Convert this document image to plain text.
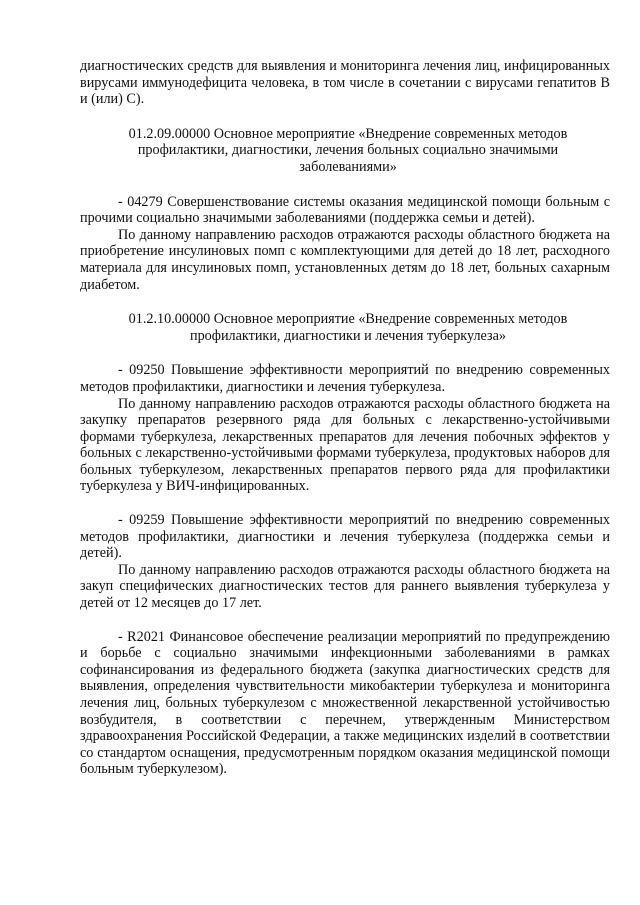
диагностических средств для выявления и мониторинга лечения лиц, инфицированных вирусами иммунодефицита человека, в том числе в сочетании с вирусами гепатитов В и (или) С).

01.2.09.00000 Основное мероприятие «Внедрение современных методов профилактики, диагностики, лечения больных социально значимыми заболеваниями»

- 04279 Совершенствование системы оказания медицинской помощи больным с прочими социально значимыми заболеваниями (поддержка семьи и детей).

По данному направлению расходов отражаются расходы областного бюджета на приобретение инсулиновых помп с комплектующими для детей до 18 лет, расходного материала для инсулиновых помп, установленных детям до 18 лет, больных сахарным диабетом.

01.2.10.00000 Основное мероприятие «Внедрение современных методов профилактики, диагностики и лечения туберкулеза»

- 09250 Повышение эффективности мероприятий по внедрению современных методов профилактики, диагностики и лечения туберкулеза.

По данному направлению расходов отражаются расходы областного бюджета на закупку препаратов резервного ряда для больных с лекарственно-устойчивыми формами туберкулеза, лекарственных препаратов для лечения побочных эффектов у больных с лекарственно-устойчивыми формами туберкулеза, продуктовых наборов для больных туберкулезом, лекарственных препаратов первого ряда для профилактики туберкулеза у ВИЧ-инфицированных.

- 09259 Повышение эффективности мероприятий по внедрению современных методов профилактики, диагностики и лечения туберкулеза (поддержка семьи и детей).

По данному направлению расходов отражаются расходы областного бюджета на закуп специфических диагностических тестов для раннего выявления туберкулеза у детей от 12 месяцев до 17 лет.

- R2021 Финансовое обеспечение реализации мероприятий по предупреждению и борьбе с социально значимыми инфекционными заболеваниями в рамках софинансирования из федерального бюджета (закупка диагностических средств для выявления, определения чувствительности микобактерии туберкулеза и мониторинга лечения лиц, больных туберкулезом с множественной лекарственной устойчивостью возбудителя, в соответствии с перечнем, утвержденным Министерством здравоохранения Российской Федерации, а также медицинских изделий в соответствии со стандартом оснащения, предусмотренным порядком оказания медицинской помощи больным туберкулезом).
